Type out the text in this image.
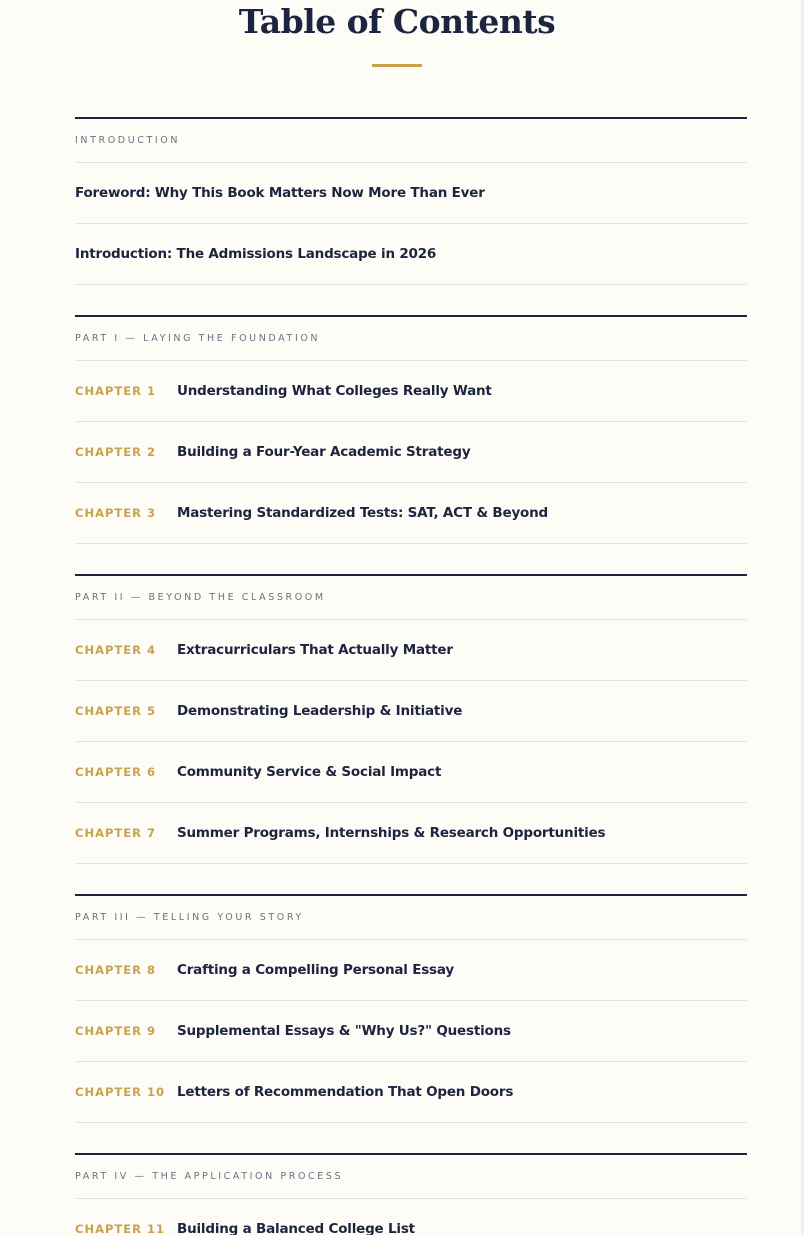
Table of Contents
INTRODUCTION
Foreword: Why This Book Matters Now More Than Ever
Introduction: The Admissions Landscape in 2026
PART I — LAYING THE FOUNDATION
CHAPTER 1	Understanding What Colleges Really Want
CHAPTER 2	Building a Four-Year Academic Strategy
CHAPTER 3	Mastering Standardized Tests: SAT, ACT & Beyond
PART II — BEYOND THE CLASSROOM
CHAPTER 4	Extracurriculars That Actually Matter
CHAPTER 5	Demonstrating Leadership & Initiative
CHAPTER 6	Community Service & Social Impact
CHAPTER 7	Summer Programs, Internships & Research Opportunities
PART III — TELLING YOUR STORY
CHAPTER 8	Crafting a Compelling Personal Essay
CHAPTER 9	Supplemental Essays & "Why Us?" Questions
CHAPTER 10 Letters of Recommendation That Open Doors
PART IV — THE APPLICATION PROCESS
CHAPTER 11 Building a Balanced College List
